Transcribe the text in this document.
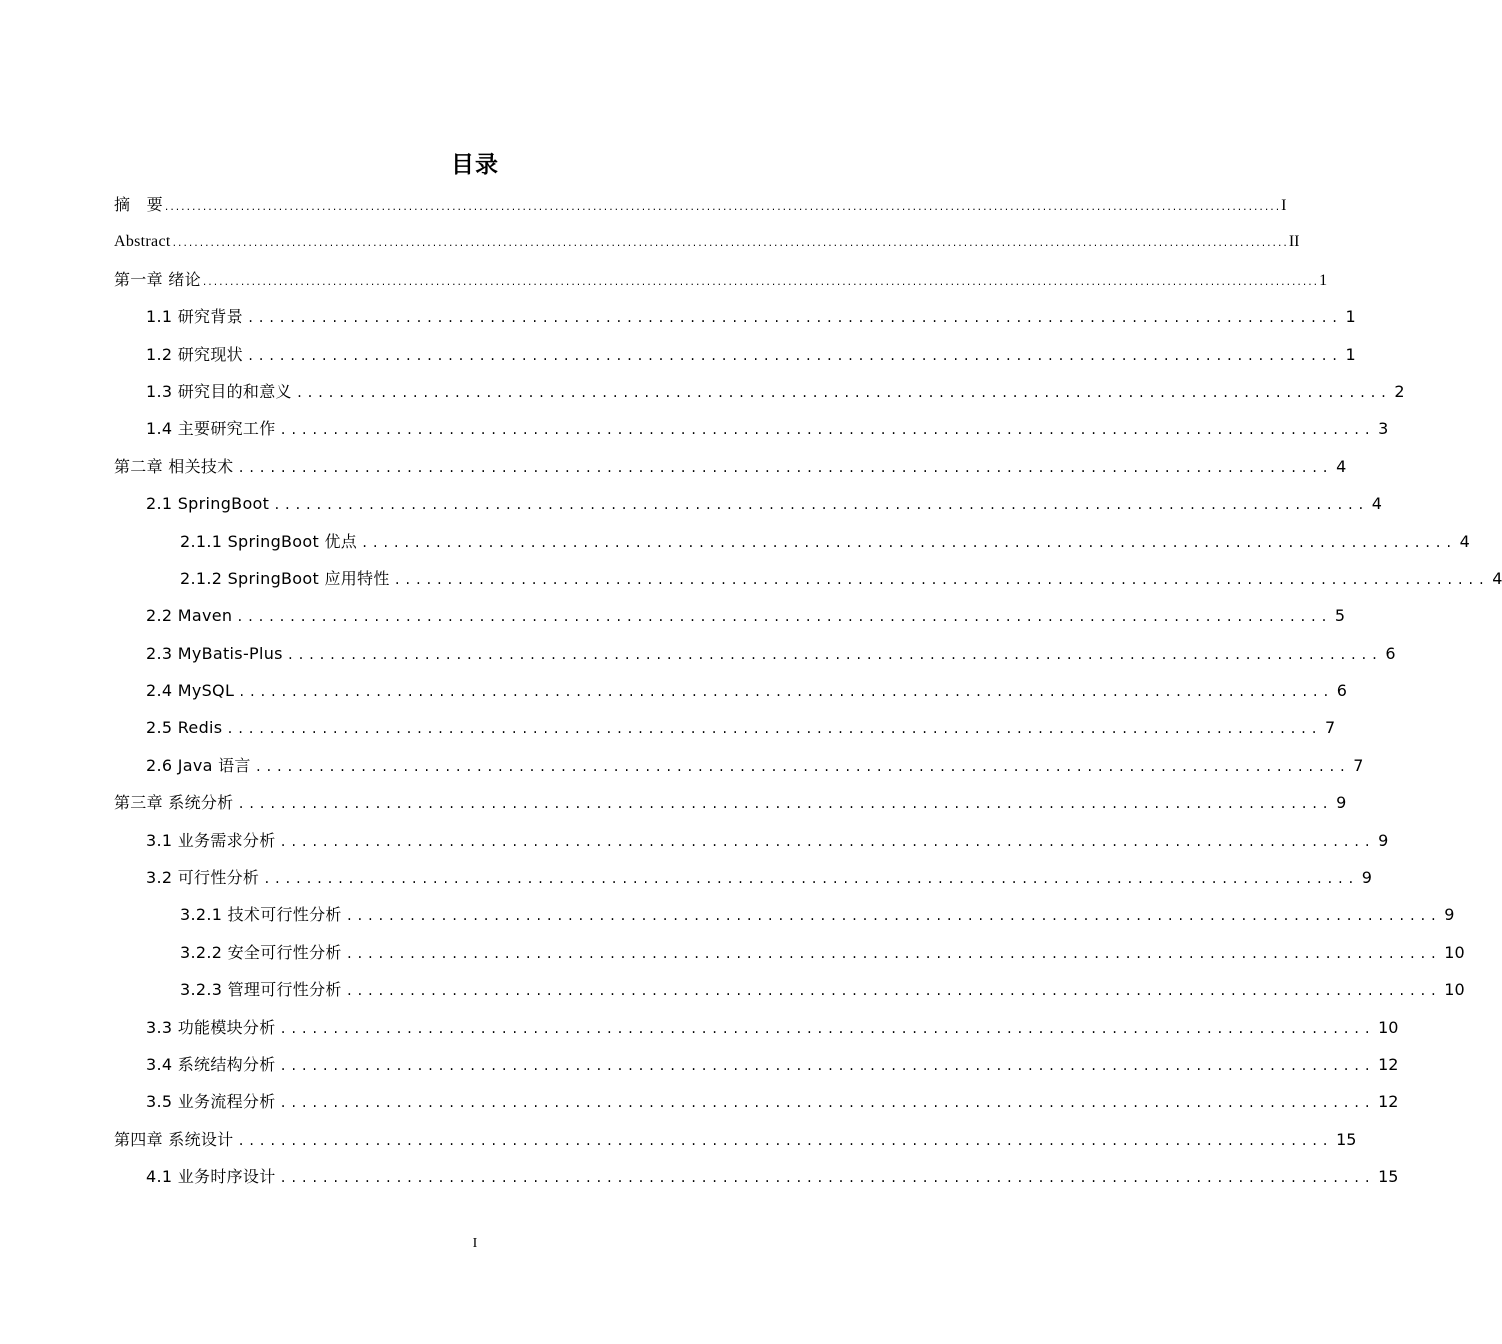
目录
摘　要 .............................................................................................................................................................................................................. I
Abstract .............................................................................................................................................................................................................. II
第一章 绪论 .............................................................................................................................................................................................................. 1
1.1 研究背景 ........................................................................................................ 1
1.2 研究现状 ........................................................................................................ 1
1.3 研究目的和意义 ........................................................................................................ 2
1.4 主要研究工作 ........................................................................................................ 3
第二章 相关技术 ........................................................................................................ 4
2.1 SpringBoot ........................................................................................................ 4
2.1.1 SpringBoot 优点 ........................................................................................................ 4
2.1.2 SpringBoot 应用特性 ........................................................................................................ 4
2.2 Maven ........................................................................................................ 5
2.3 MyBatis-Plus ........................................................................................................ 6
2.4 MySQL ........................................................................................................ 6
2.5 Redis ........................................................................................................ 7
2.6 Java 语言 ........................................................................................................ 7
第三章 系统分析 ........................................................................................................ 9
3.1 业务需求分析 ........................................................................................................ 9
3.2 可行性分析 ........................................................................................................ 9
3.2.1 技术可行性分析 ........................................................................................................ 9
3.2.2 安全可行性分析 ........................................................................................................ 10
3.2.3 管理可行性分析 ........................................................................................................ 10
3.3 功能模块分析 ........................................................................................................ 10
3.4 系统结构分析 ........................................................................................................ 12
3.5 业务流程分析 ........................................................................................................ 12
第四章 系统设计 ........................................................................................................ 15
4.1 业务时序设计 ........................................................................................................ 15
I
